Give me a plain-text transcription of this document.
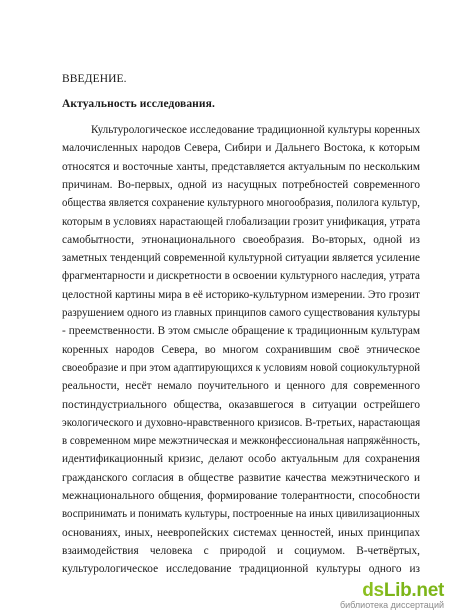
ВВЕДЕНИЕ.
Актуальность исследования.
Культурологическое исследование традиционной культуры коренных
малочисленных народов Севера, Сибири и Дальнего Востока, к которым
относятся и восточные ханты, представляется актуальным по нескольким
причинам. Во-первых, одной из насущных потребностей современного
общества является сохранение культурного многообразия, полилога культур,
которым в условиях нарастающей глобализации грозит унификация, утрата
самобытности, этнонационального своеобразия. Во-вторых, одной из
заметных тенденций современной культурной ситуации является усиление
фрагментарности и дискретности в освоении культурного наследия, утрата
целостной картины мира в её историко-культурном измерении. Это грозит
разрушением одного из главных принципов самого существования культуры
- преемственности. В этом смысле обращение к традиционным культурам
коренных народов Севера, во многом сохранившим своё этническое
своеобразие и при этом адаптирующихся к условиям новой социокультурной
реальности, несёт немало поучительного и ценного для современного
постиндустриального общества, оказавшегося в ситуации острейшего
экологического и духовно-нравственного кризисов. В-третьих, нарастающая
в современном мире межэтническая и межконфессиональная напряжённость,
идентификационный кризис, делают особо актуальным для сохранения
гражданского согласия в обществе развитие качества межэтнического и
межнационального общения, формирование толерантности, способности
воспринимать и понимать культуры, построенные на иных цивилизационных
основаниях, иных, неевропейских системах ценностей, иных принципах
взаимодействия человека с природой и социумом. В-четвёртых,
культурологическое исследование традиционной культуры одного из
dsLib.net
библиотека диссертаций
